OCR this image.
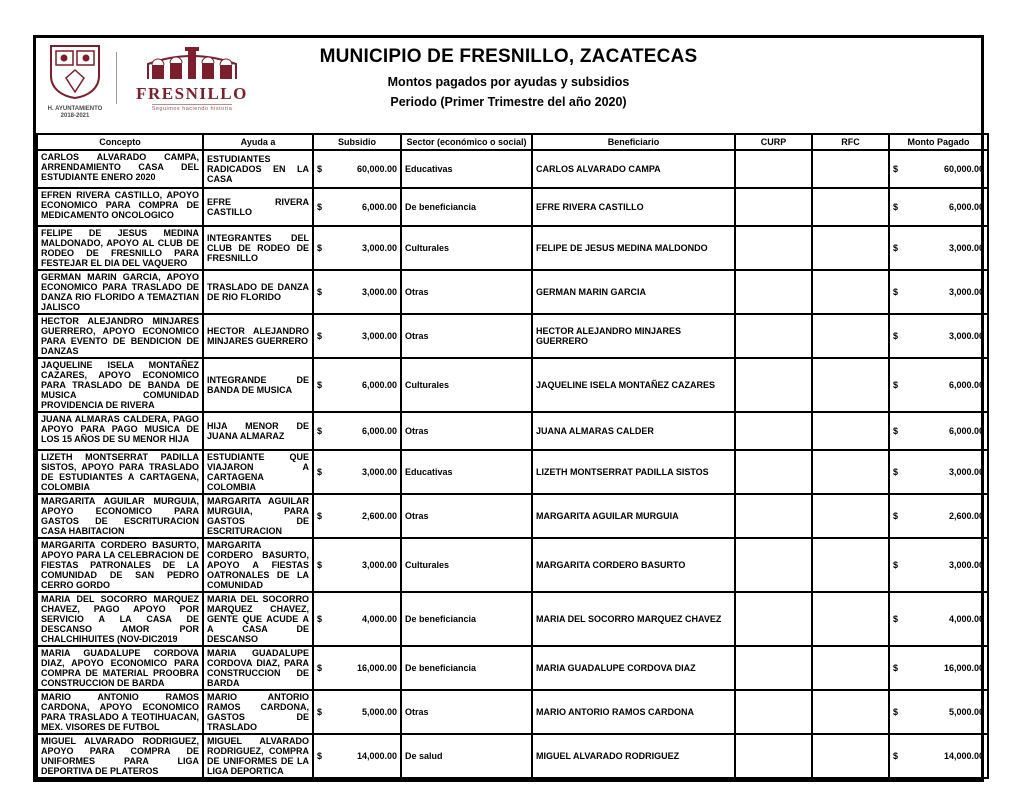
H. AYUNTAMIENTO
2018-2021
FRESNILLO
Seguimos haciendo historia
MUNICIPIO DE FRESNILLO, ZACATECAS
Montos pagados por ayudas y subsidios
Periodo (Primer Trimestre del año 2020)
Concepto	Ayuda a	Subsidio	Sector (económico o social)	Beneficiario	CURP	RFC	Monto Pagado
CARLOS ALVARADO CAMPA, ARRENDAMIENTO CASA DEL ESTUDIANTE ENERO 2020	ESTUDIANTES RADICADOS EN LA CASA	$ 60,000.00	Educativas	CARLOS ALVARADO CAMPA			$ 60,000.00

EFREN RIVERA CASTILLO, APOYO ECONOMICO PARA COMPRA DE MEDICAMENTO ONCOLOGICO	EFRE RIVERA CASTILLO	$ 6,000.00	De beneficiancia	EFRE RIVERA CASTILLO			$ 6,000.00

FELIPE DE JESUS MEDINA MALDONADO, APOYO AL CLUB DE RODEO DE FRESNILLO PARA FESTEJAR EL DIA DEL VAQUERO	INTEGRANTES DEL CLUB DE RODEO DE FRESNILLO	$ 3,000.00	Culturales	FELIPE DE JESUS MEDINA MALDONDO			$ 3,000.00

GERMAN MARIN GARCIA, APOYO ECONOMICO PARA TRASLADO DE DANZA RIO FLORIDO A TEMAZTIAN JALISCO	TRASLADO DE DANZA DE RIO FLORIDO	$ 3,000.00	Otras	GERMAN MARIN GARCIA			$ 3,000.00

HECTOR ALEJANDRO MINJARES GUERRERO, APOYO ECONOMICO PARA EVENTO DE BENDICION DE DANZAS	HECTOR ALEJANDRO MINJARES GUERRERO	$ 3,000.00	Otras	HECTOR ALEJANDRO MINJARES GUERRERO			$ 3,000.00

JAQUELINE ISELA MONTAÑEZ CAZARES, APOYO ECONOMICO PARA TRASLADO DE BANDA DE MUSICA COMUNIDAD PROVIDENCIA DE RIVERA	INTEGRANDE DE BANDA DE MUSICA	$ 6,000.00	Culturales	JAQUELINE ISELA MONTAÑEZ CAZARES			$ 6,000.00

JUANA ALMARAS CALDERA, PAGO APOYO PARA PAGO MUSICA DE LOS 15 AÑOS DE SU MENOR HIJA	HIJA MENOR DE JUANA ALMARAZ	$ 6,000.00	Otras	JUANA ALMARAS CALDER			$ 6,000.00

LIZETH MONTSERRAT PADILLA SISTOS, APOYO PARA TRASLADO DE ESTUDIANTES A CARTAGENA, COLOMBIA	ESTUDIANTE QUE VIAJARON A CARTAGENA COLOMBIA	$ 3,000.00	Educativas	LIZETH MONTSERRAT PADILLA SISTOS			$ 3,000.00

MARGARITA AGUILAR MURGUIA, APOYO ECONOMICO PARA GASTOS DE ESCRITURACION CASA HABITACION	MARGARITA AGUILAR MURGUIA, PARA GASTOS DE ESCRITURACION	$ 2,600.00	Otras	MARGARITA AGUILAR MURGUIA			$ 2,600.00

MARGARITA CORDERO BASURTO, APOYO PARA LA CELEBRACION DE FIESTAS PATRONALES DE LA COMUNIDAD DE SAN PEDRO CERRO GORDO	MARGARITA CORDERO BASURTO, APOYO A FIESTAS OATRONALES DE LA COMUNIDAD	$ 3,000.00	Culturales	MARGARITA CORDERO BASURTO			$ 3,000.00

MARIA DEL SOCORRO MARQUEZ CHAVEZ, PAGO APOYO POR SERVICIO A LA CASA DE DESCANSO AMOR POR CHALCHIHUITES (NOV-DIC2019	MARIA DEL SOCORRO MARQUEZ CHAVEZ, GENTE QUE ACUDE A A CASA DE DESCANSO	$ 4,000.00	De beneficiancia	MARIA DEL SOCORRO MARQUEZ CHAVEZ			$ 4,000.00

MARIA GUADALUPE CORDOVA DIAZ, APOYO ECONOMICO PARA COMPRA DE MATERIAL PROOBRA CONSTRUCCION DE BARDA	MARIA GUADALUPE CORDOVA DIAZ, PARA CONSTRUCCION DE BARDA	$ 16,000.00	De beneficiancia	MARIA GUADALUPE CORDOVA DIAZ			$ 16,000.00

MARIO ANTONIO RAMOS CARDONA, APOYO ECONOMICO PARA TRASLADO A TEOTIHUACAN, MEX. VISORES DE FUTBOL	MARIO ANTORIO RAMOS CARDONA, GASTOS DE TRASLADO	$ 5,000.00	Otras	MARIO ANTORIO RAMOS CARDONA			$ 5,000.00

MIGUEL ALVARADO RODRIGUEZ, APOYO PARA COMPRA DE UNIFORMES PARA LIGA DEPORTIVA DE PLATEROS	MIGUEL ALVARADO RODRIGUEZ, COMPRA DE UNIFORMES DE LA LIGA DEPORTICA	$ 14,000.00	De salud	MIGUEL ALVARADO RODRIGUEZ			$ 14,000.00
